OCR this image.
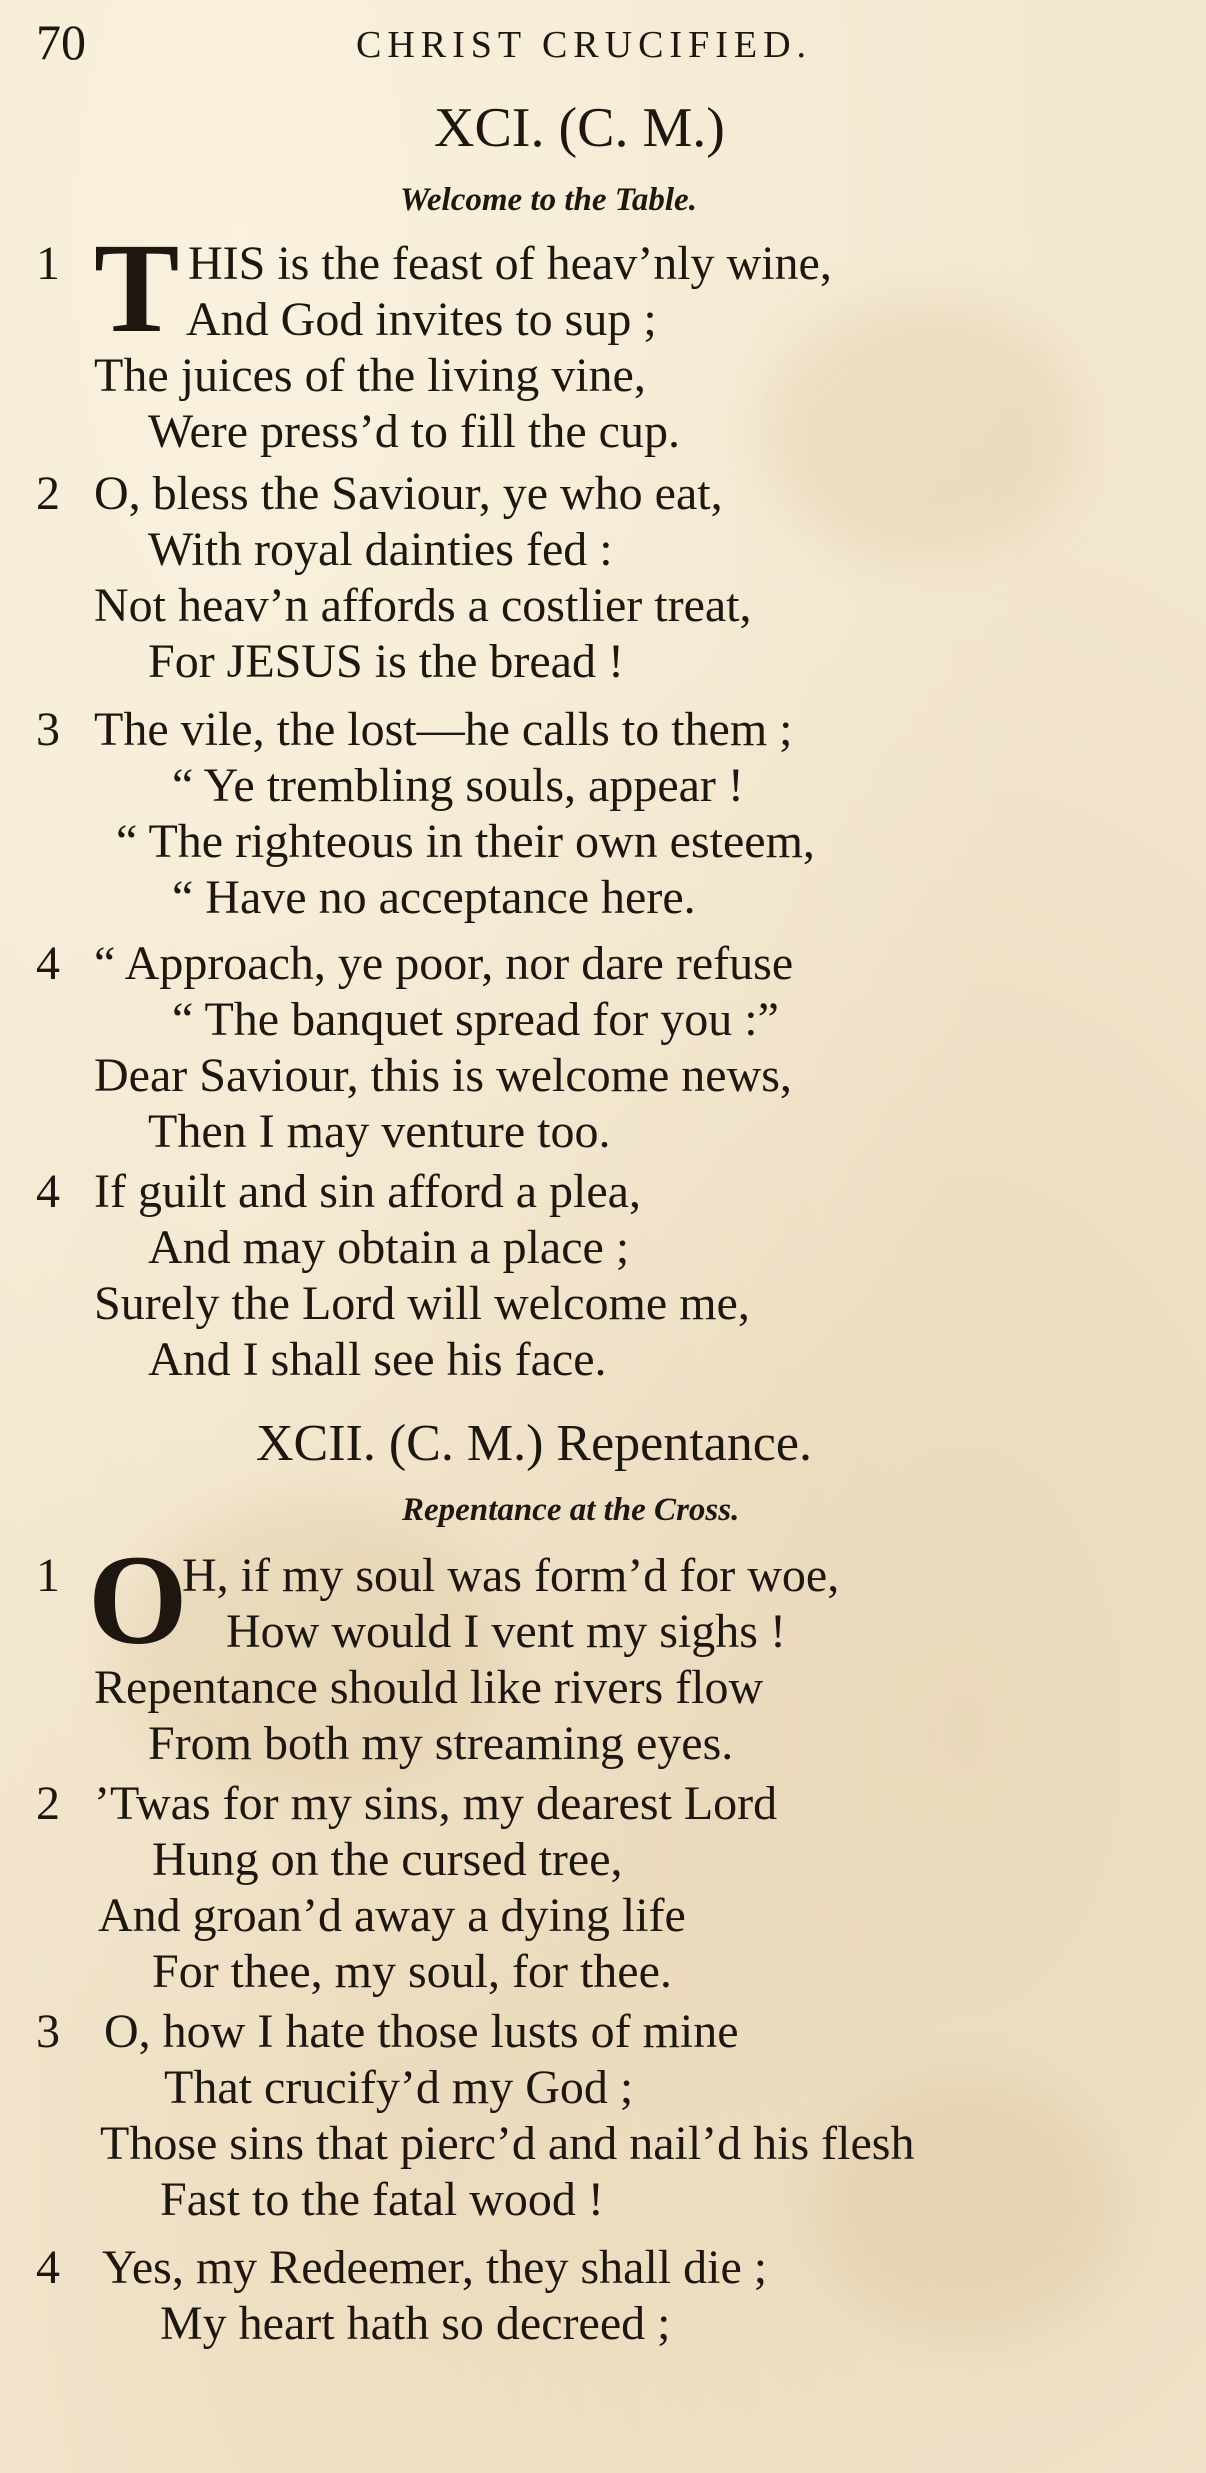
70	CHRIST CRUCIFIED.
XCI. (C. M.)
Welcome to the Table.
1 T HIS is the feast of heav’nly wine,
And God invites to sup ;
The juices of the living vine,
Were press’d to fill the cup.
2 O, bless the Saviour, ye who eat,
With royal dainties fed :
Not heav’n affords a costlier treat,
For JESUS is the bread !
3 The vile, the lost—he calls to them ;
“ Ye trembling souls, appear !
“ The righteous in their own esteem,
“ Have no acceptance here.
4 “ Approach, ye poor, nor dare refuse
“ The banquet spread for you :”
Dear Saviour, this is welcome news,
Then I may venture too.
4 If guilt and sin afford a plea,
And may obtain a place ;
Surely the Lord will welcome me,
And I shall see his face.
XCII. (C. M.) Repentance.
Repentance at the Cross.
1 O
H, if my soul was form’d for woe,
How would I vent my sighs !
Repentance should like rivers flow
From both my streaming eyes.
2 ’Twas for my sins, my dearest Lord
Hung on the cursed tree,
And groan’d away a dying life
For thee, my soul, for thee.
3 O, how I hate those lusts of mine
That crucify’d my God ;
Those sins that pierc’d and nail’d his flesh
Fast to the fatal wood !
4 Yes, my Redeemer, they shall die ;
My heart hath so decreed ;
